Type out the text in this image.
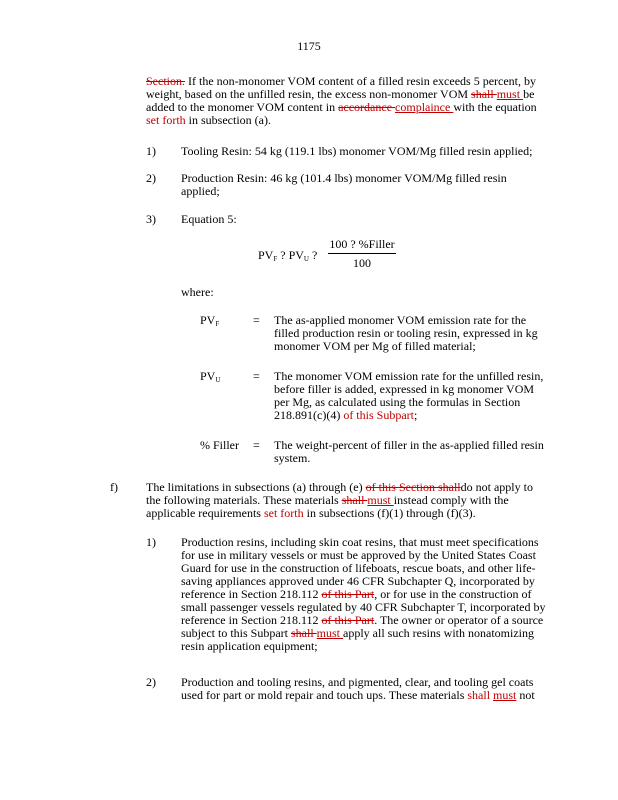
1175
Section. If the non-monomer VOM content of a filled resin exceeds 5 percent, by weight, based on the unfilled resin, the excess non-monomer VOM shall must be added to the monomer VOM content in accordance complaince with the equation set forth in subsection (a).
1) Tooling Resin: 54 kg (119.1 lbs) monomer VOM/Mg filled resin applied;
2) Production Resin: 46 kg (101.4 lbs) monomer VOM/Mg filled resin applied;
3) Equation 5:
$PV_F$ ? $PV_U$ ?
100 ? %Filler
100
where:
$PV_F$	= The as-applied monomer VOM emission rate for the filled production resin or tooling resin, expressed in kg monomer VOM per Mg of filled material;
$PV_U$	= The monomer VOM emission rate for the unfilled resin, before filler is added, expressed in kg monomer VOM per Mg, as calculated using the formulas in Section 218.891(c)(4) of this Subpart;
% Filler = The weight-percent of filler in the as-applied filled resin system.
f) The limitations in subsections (a) through (e) of this Section shalldo not apply to the following materials. These materials shall must instead comply with the applicable requirements set forth in subsections (f)(1) through (f)(3).
1) Production resins, including skin coat resins, that must meet specifications for use in military vessels or must be approved by the United States Coast Guard for use in the construction of lifeboats, rescue boats, and other life-saving appliances approved under 46 CFR Subchapter Q, incorporated by reference in Section 218.112 of this Part, or for use in the construction of small passenger vessels regulated by 40 CFR Subchapter T, incorporated by reference in Section 218.112 of this Part. The owner or operator of a source subject to this Subpart shall must apply all such resins with nonatomizing resin application equipment;
2) Production and tooling resins, and pigmented, clear, and tooling gel coats used for part or mold repair and touch ups. These materials shall must not
